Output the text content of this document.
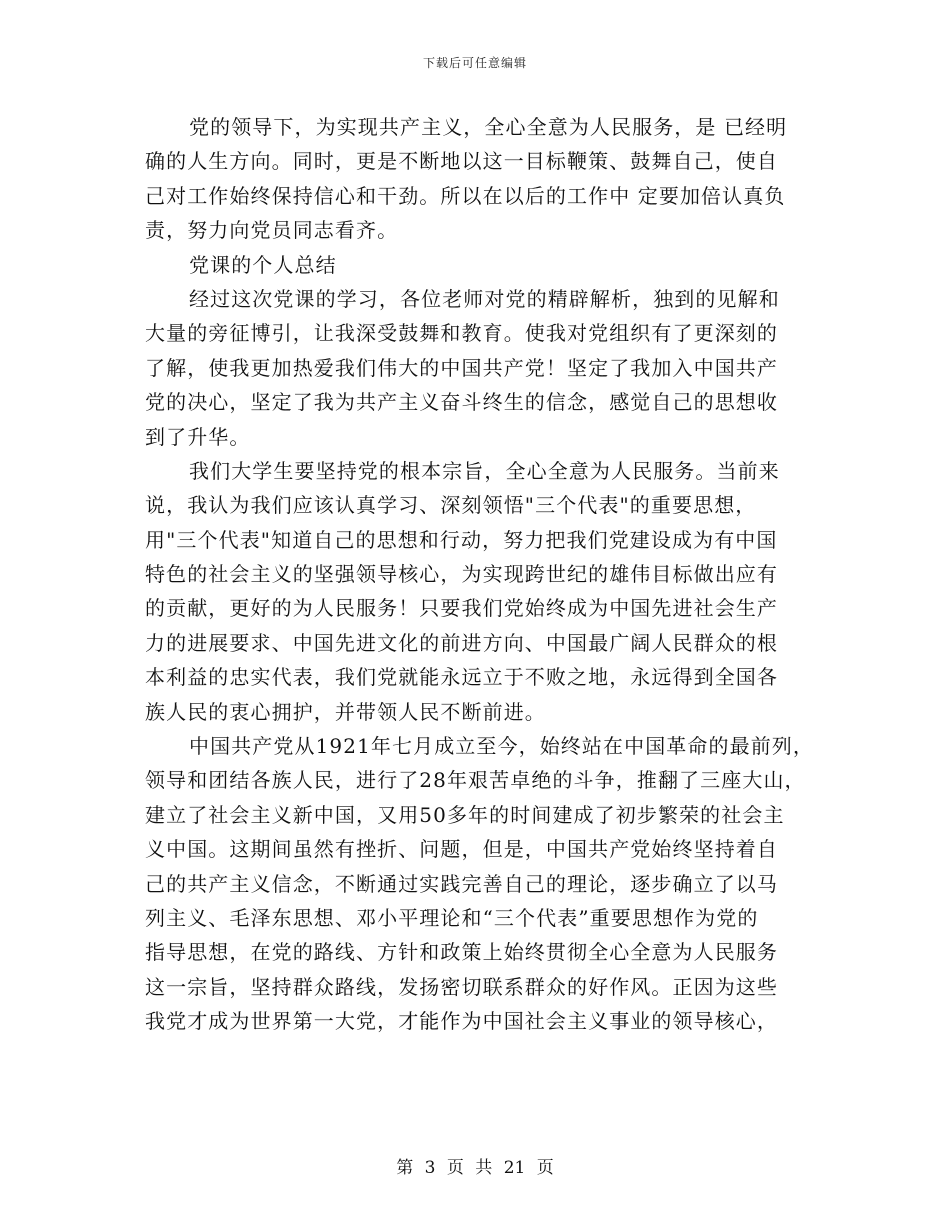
下载后可任意编辑
党的领导下，为实现共产主义，全心全意为人民服务，是 已经明
确的人生方向。同时，更是不断地以这一目标鞭策、鼓舞自己，使自
己对工作始终保持信心和干劲。所以在以后的工作中 定要加倍认真负
责，努力向党员同志看齐。
党课的个人总结
经过这次党课的学习，各位老师对党的精辟解析，独到的见解和
大量的旁征博引，让我深受鼓舞和教育。使我对党组织有了更深刻的
了解，使我更加热爱我们伟大的中国共产党！坚定了我加入中国共产
党的决心，坚定了我为共产主义奋斗终生的信念，感觉自己的思想收
到了升华。
我们大学生要坚持党的根本宗旨，全心全意为人民服务。当前来
说，我认为我们应该认真学习、深刻领悟"三个代表"的重要思想，
用"三个代表"知道自己的思想和行动，努力把我们党建设成为有中国
特色的社会主义的坚强领导核心，为实现跨世纪的雄伟目标做出应有
的贡献，更好的为人民服务！只要我们党始终成为中国先进社会生产
力的进展要求、中国先进文化的前进方向、中国最广阔人民群众的根
本利益的忠实代表，我们党就能永远立于不败之地，永远得到全国各
族人民的衷心拥护，并带领人民不断前进。
中国共产党从1921年七月成立至今，始终站在中国革命的最前列，
领导和团结各族人民，进行了28年艰苦卓绝的斗争，推翻了三座大山，
建立了社会主义新中国，又用50多年的时间建成了初步繁荣的社会主
义中国。这期间虽然有挫折、问题，但是，中国共产党始终坚持着自
己的共产主义信念，不断通过实践完善自己的理论，逐步确立了以马
列主义、毛泽东思想、邓小平理论和“三个代表”重要思想作为党的
指导思想，在党的路线、方针和政策上始终贯彻全心全意为人民服务
这一宗旨，坚持群众路线，发扬密切联系群众的好作风。正因为这些
我党才成为世界第一大党，才能作为中国社会主义事业的领导核心，
第 3 页 共 21 页
